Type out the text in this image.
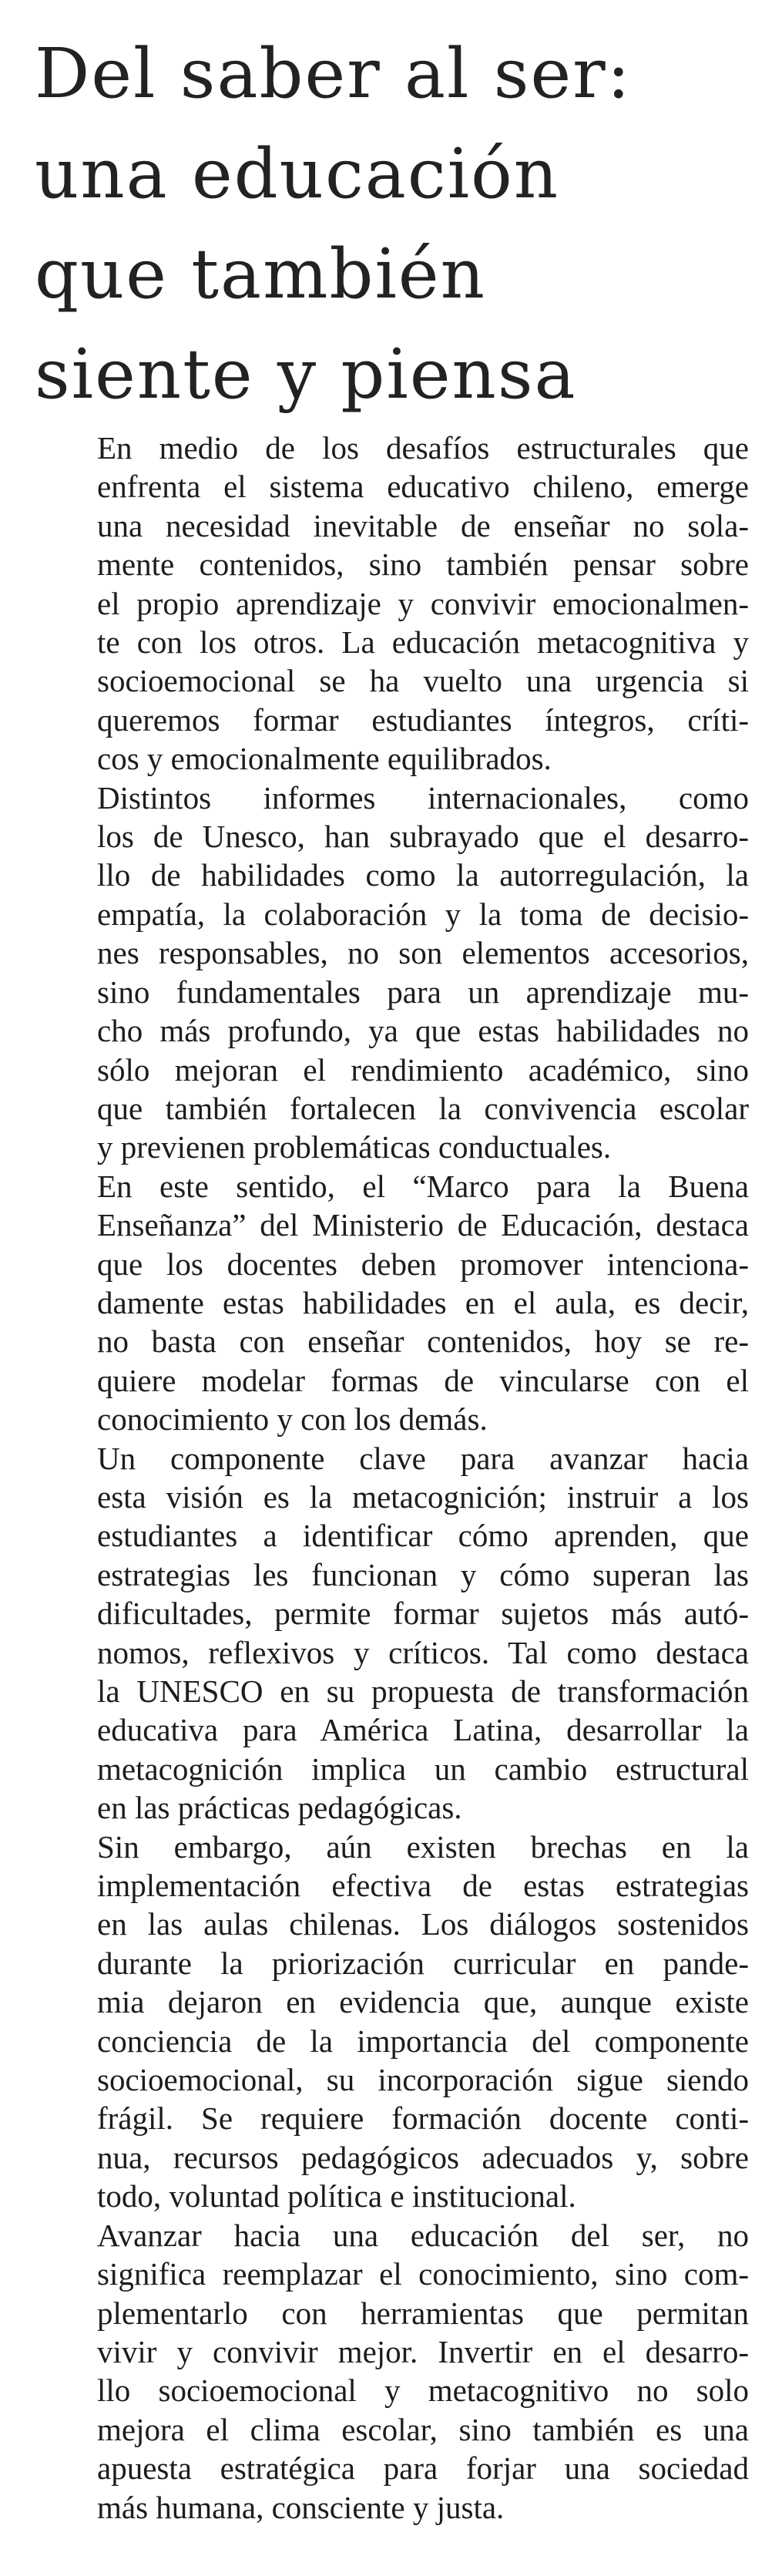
Del saber al ser:
una educación
que también
siente y piensa

En medio de los desafíos estructurales que
enfrenta el sistema educativo chileno, emerge
una necesidad inevitable de enseñar no sola-
mente contenidos, sino también pensar sobre
el propio aprendizaje y convivir emocionalmen-
te con los otros. La educación metacognitiva y
socioemocional se ha vuelto una urgencia si
queremos formar estudiantes íntegros, críti-
cos y emocionalmente equilibrados.

Distintos informes internacionales, como
los de Unesco, han subrayado que el desarro-
llo de habilidades como la autorregulación, la
empatía, la colaboración y la toma de decisio-
nes responsables, no son elementos accesorios,
sino fundamentales para un aprendizaje mu-
cho más profundo, ya que estas habilidades no
sólo mejoran el rendimiento académico, sino
que también fortalecen la convivencia escolar
y previenen problemáticas conductuales.

En este sentido, el “Marco para la Buena
Enseñanza” del Ministerio de Educación, destaca
que los docentes deben promover intenciona-
damente estas habilidades en el aula, es decir,
no basta con enseñar contenidos, hoy se re-
quiere modelar formas de vincularse con el
conocimiento y con los demás.

Un componente clave para avanzar hacia
esta visión es la metacognición; instruir a los
estudiantes a identificar cómo aprenden, que
estrategias les funcionan y cómo superan las
dificultades, permite formar sujetos más autó-
nomos, reflexivos y críticos. Tal como destaca
la UNESCO en su propuesta de transformación
educativa para América Latina, desarrollar la
metacognición implica un cambio estructural
en las prácticas pedagógicas.

Sin embargo, aún existen brechas en la
implementación efectiva de estas estrategias
en las aulas chilenas. Los diálogos sostenidos
durante la priorización curricular en pande-
mia dejaron en evidencia que, aunque existe
conciencia de la importancia del componente
socioemocional, su incorporación sigue siendo
frágil. Se requiere formación docente conti-
nua, recursos pedagógicos adecuados y, sobre
todo, voluntad política e institucional.

Avanzar hacia una educación del ser, no
significa reemplazar el conocimiento, sino com-
plementarlo con herramientas que permitan
vivir y convivir mejor. Invertir en el desarro-
llo socioemocional y metacognitivo no solo
mejora el clima escolar, sino también es una
apuesta estratégica para forjar una sociedad
más humana, consciente y justa.
